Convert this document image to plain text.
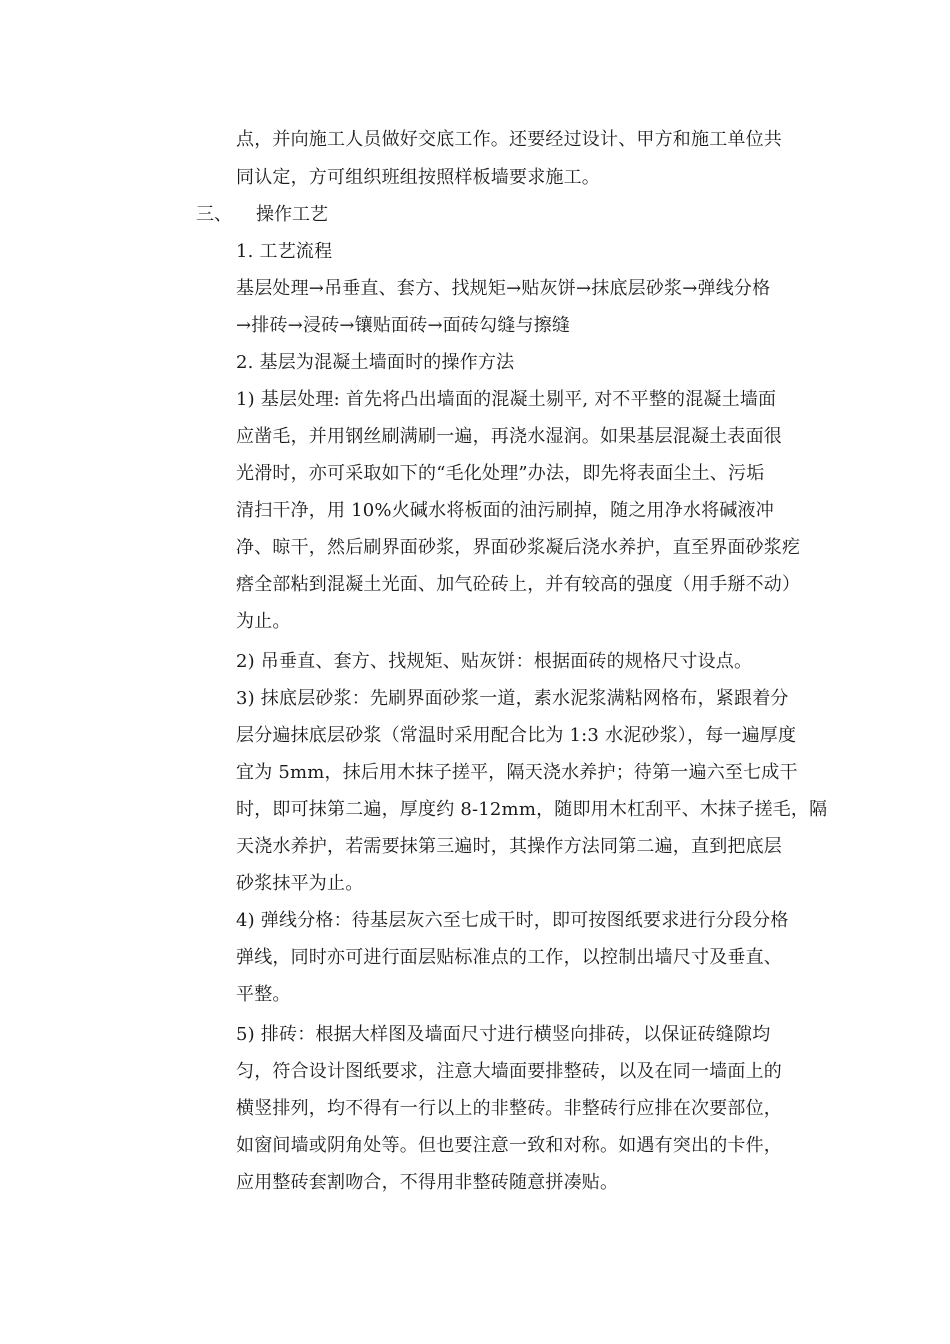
点，并向施工人员做好交底工作。还要经过设计、甲方和施工单位共
同认定，方可组织班组按照样板墙要求施工。
三、 操作工艺
1. 工艺流程
基层处理→吊垂直、套方、找规矩→贴灰饼→抹底层砂浆→弹线分格
→排砖→浸砖→镶贴面砖→面砖勾缝与擦缝
2. 基层为混凝土墙面时的操作方法
1) 基层处理: 首先将凸出墙面的混凝土剔平, 对不平整的混凝土墙面
应凿毛，并用钢丝刷满刷一遍，再浇水湿润。如果基层混凝土表面很
光滑时，亦可采取如下的“毛化处理”办法，即先将表面尘土、污垢
清扫干净，用 10%火碱水将板面的油污刷掉，随之用净水将碱液冲
净、晾干，然后刷界面砂浆，界面砂浆凝后浇水养护，直至界面砂浆疙
瘩全部粘到混凝土光面、加气砼砖上，并有较高的强度（用手掰不动）
为止。
2) 吊垂直、套方、找规矩、贴灰饼：根据面砖的规格尺寸设点。
3) 抹底层砂浆：先刷界面砂浆一道，素水泥浆满粘网格布，紧跟着分
层分遍抹底层砂浆（常温时采用配合比为 1:3 水泥砂浆），每一遍厚度
宜为 5mm，抹后用木抹子搓平，隔天浇水养护；待第一遍六至七成干
时，即可抹第二遍，厚度约 8-12mm，随即用木杠刮平、木抹子搓毛，隔
天浇水养护，若需要抹第三遍时，其操作方法同第二遍，直到把底层
砂浆抹平为止。
4) 弹线分格：待基层灰六至七成干时，即可按图纸要求进行分段分格
弹线，同时亦可进行面层贴标准点的工作，以控制出墙尺寸及垂直、
平整。
5) 排砖：根据大样图及墙面尺寸进行横竖向排砖，以保证砖缝隙均
匀，符合设计图纸要求，注意大墙面要排整砖，以及在同一墙面上的
横竖排列，均不得有一行以上的非整砖。非整砖行应排在次要部位，
如窗间墙或阴角处等。但也要注意一致和对称。如遇有突出的卡件，
应用整砖套割吻合，不得用非整砖随意拼凑贴。
